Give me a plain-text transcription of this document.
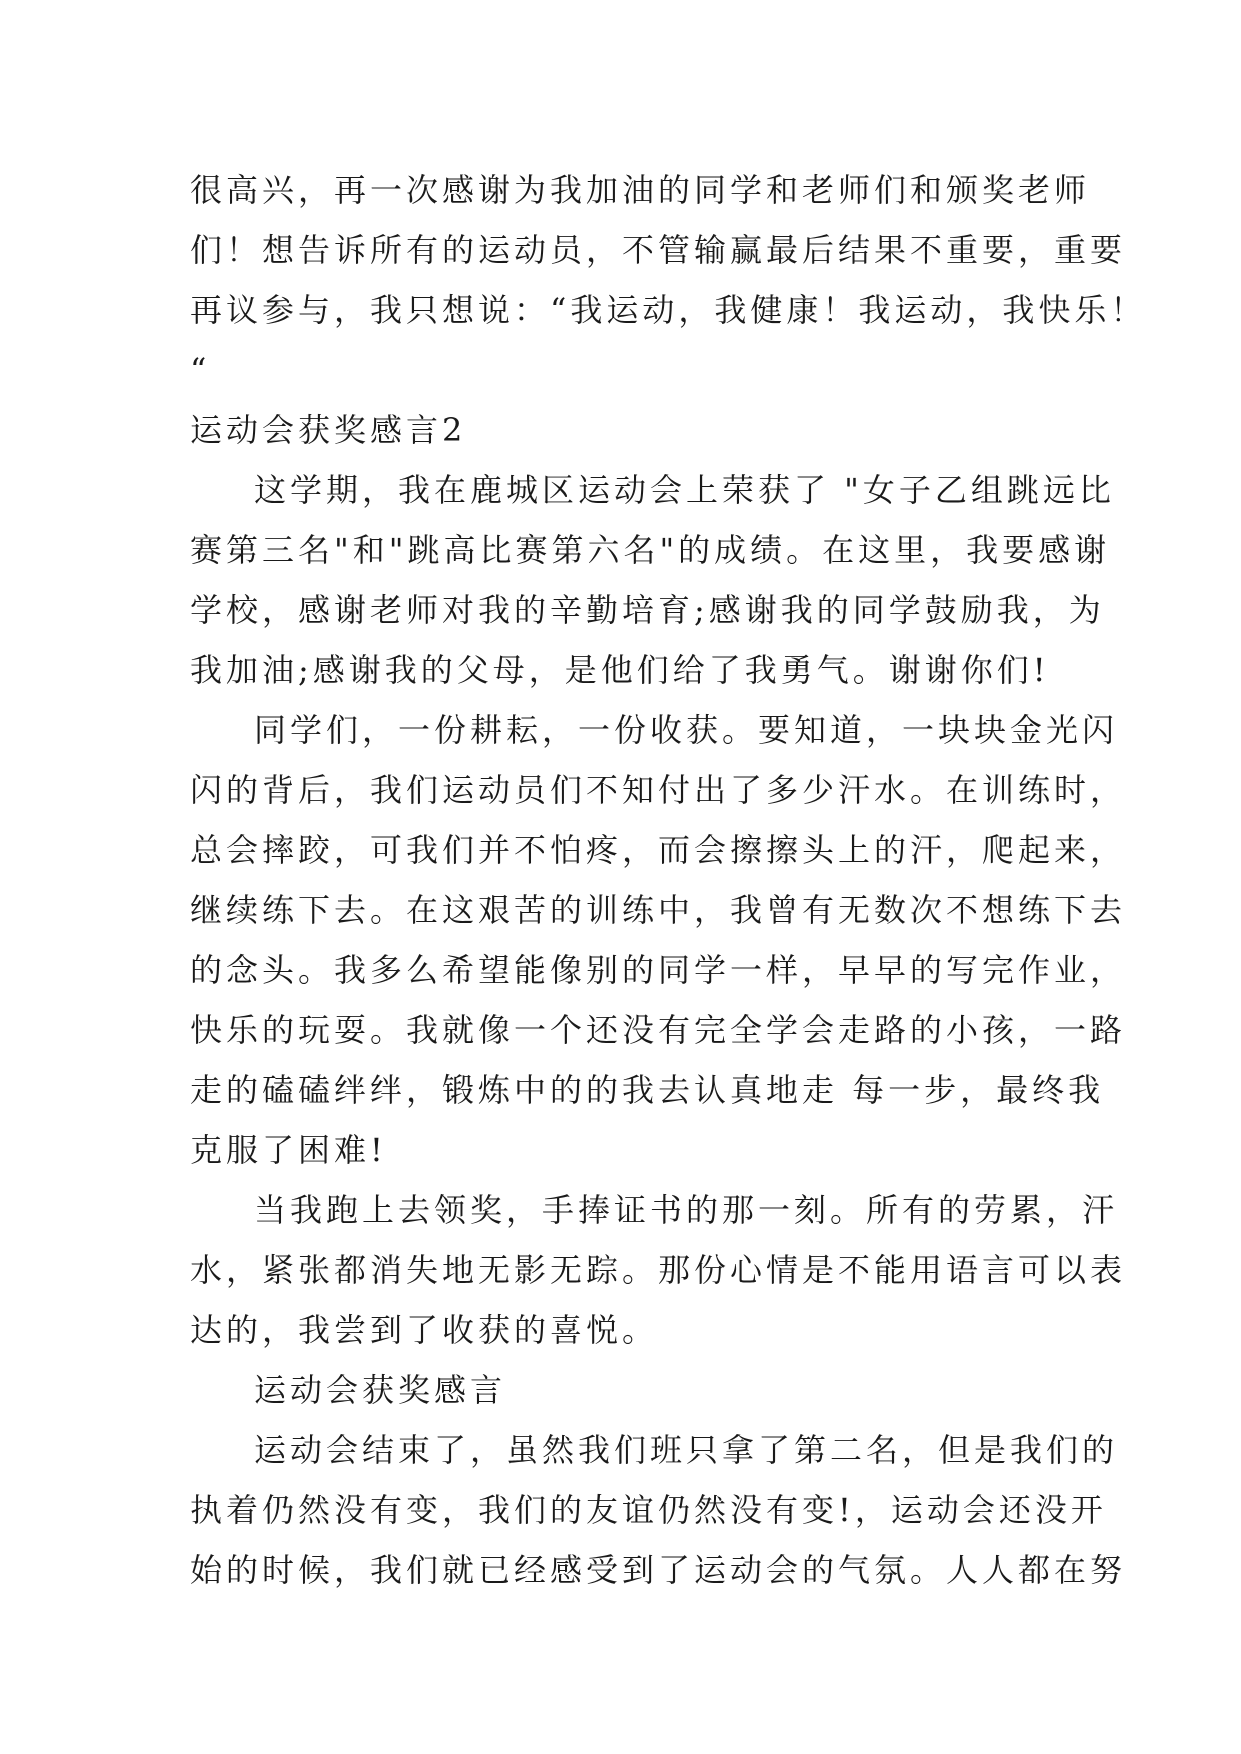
很高兴，再一次感谢为我加油的同学和老师们和颁奖老师
们！想告诉所有的运动员，不管输赢最后结果不重要，重要
再议参与，我只想说：“我运动，我健康！我运动，我快乐！
“
运动会获奖感言2
这学期，我在鹿城区运动会上荣获了 "女子乙组跳远比
赛第三名"和"跳高比赛第六名"的成绩。在这里，我要感谢
学校，感谢老师对我的辛勤培育;感谢我的同学鼓励我，为
我加油;感谢我的父母，是他们给了我勇气。谢谢你们!
同学们，一份耕耘，一份收获。要知道，一块块金光闪
闪的背后，我们运动员们不知付出了多少汗水。在训练时，
总会摔跤，可我们并不怕疼，而会擦擦头上的汗，爬起来，
继续练下去。在这艰苦的训练中，我曾有无数次不想练下去
的念头。我多么希望能像别的同学一样，早早的写完作业，
快乐的玩耍。我就像一个还没有完全学会走路的小孩，一路
走的磕磕绊绊，锻炼中的的我去认真地走 每一步，最终我
克服了困难!
当我跑上去领奖，手捧证书的那一刻。所有的劳累，汗
水，紧张都消失地无影无踪。那份心情是不能用语言可以表
达的，我尝到了收获的喜悦。
运动会获奖感言
运动会结束了，虽然我们班只拿了第二名，但是我们的
执着仍然没有变，我们的友谊仍然没有变!，运动会还没开
始的时候，我们就已经感受到了运动会的气氛。人人都在努
